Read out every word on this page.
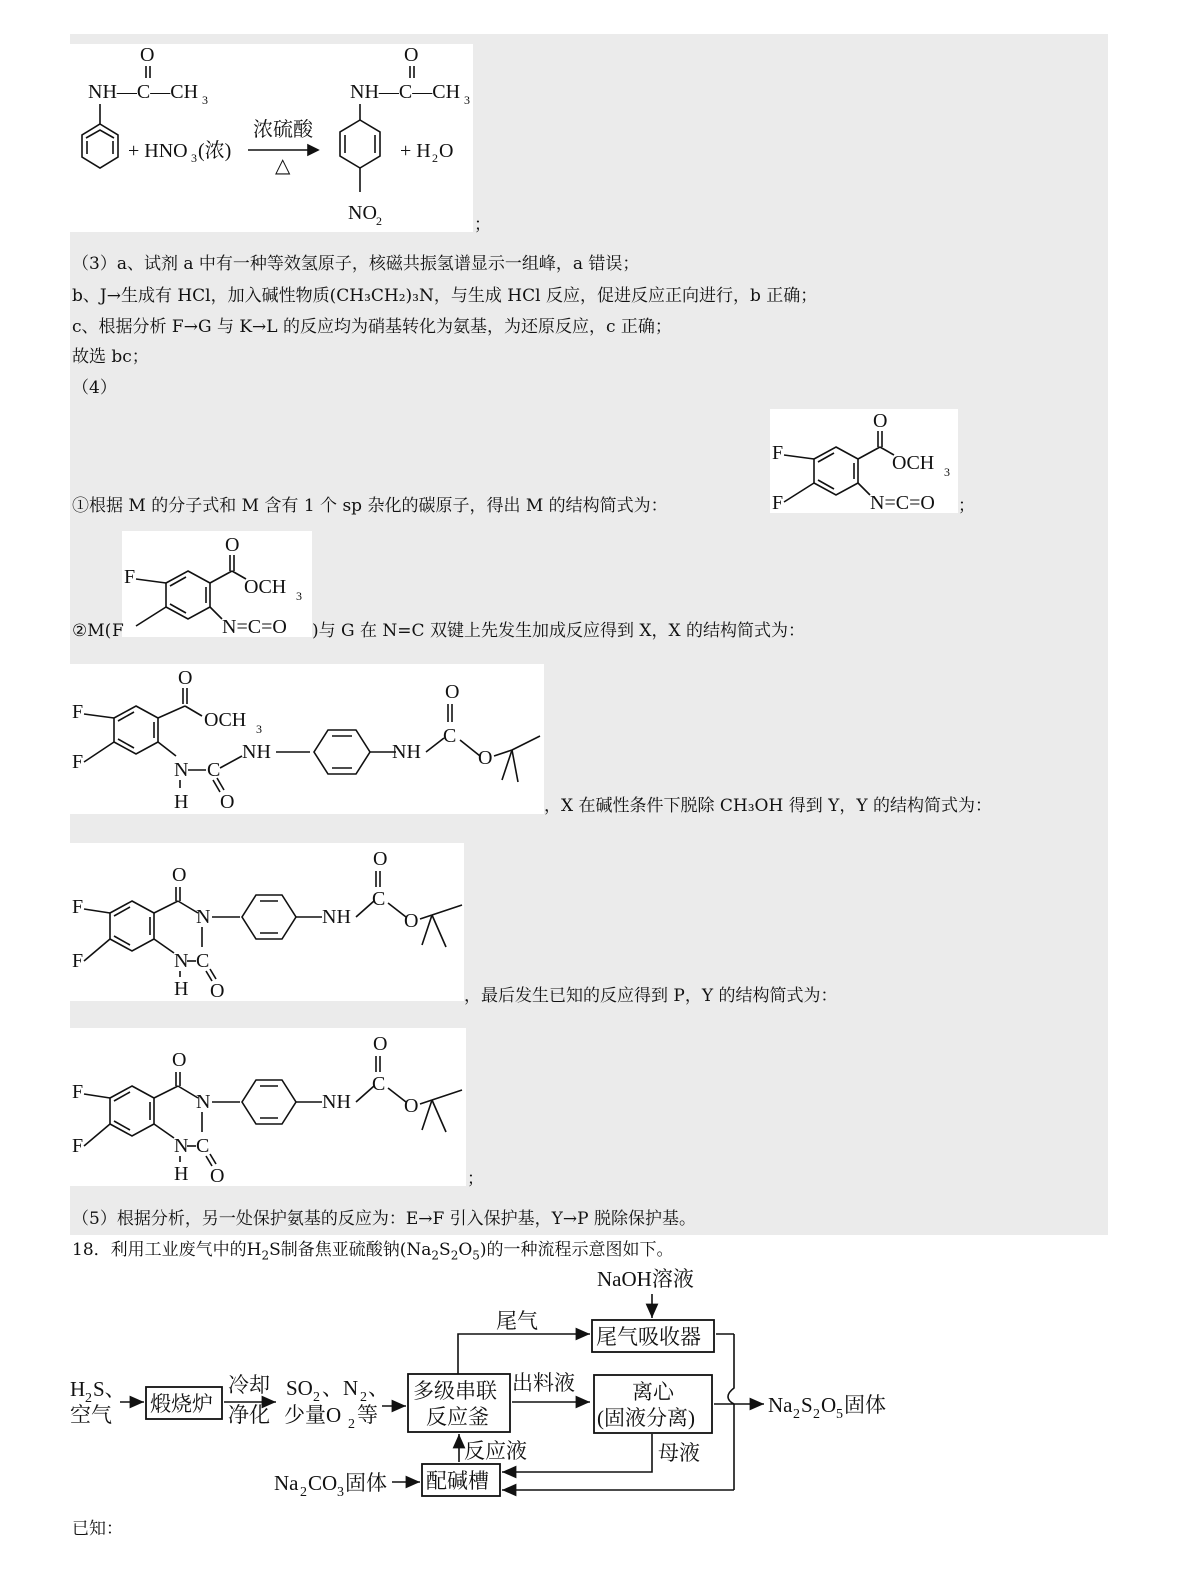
O
NH—C—CH 3
+ HNO 3 (浓)
浓硫酸
△
O
NH—C—CH 3
NO 2
+ H 2 O
；
（3）a、试剂 a 中有一种等效氢原子，核磁共振氢谱显示一组峰，a 错误；
b、J→生成有 HCl，加入碱性物质(CH₃CH₂)₃N，与生成 HCl 反应，促进反应正向进行，b 正确；
c、根据分析 F→G 与 K→L 的反应均为硝基转化为氨基，为还原反应，c 正确；
故选 bc；
（4）
O
OCH 3
F
F	N=C=O
①根据 M 的分子式和 M 含有 1 个 sp 杂化的碳原子，得出 M 的结构简式为：	；
O
OCH 3
F
N=C=O
②M( F	)与 G 在 N=C 双键上先发生加成反应得到 X，X 的结构简式为：
O
OCH 3
F
F	N
H
C
O
NH	NH
C
O
O
，X 在碱性条件下脱除 CH₃OH 得到 Y，Y 的结构简式为：
O
N
C
N
H O
F
F
NH
C
O
O
，最后发生已知的反应得到 P，Y 的结构简式为：
O
N
C
N
H O
F
F
NH
C
O
O
；
（5）根据分析，另一处保护氨基的反应为：E→F 引入保护基，Y→P 脱除保护基。
18．利用工业废气中的$H_2S$制备焦亚硫酸钠$(Na_2S_2O_5)$的一种流程示意图如下。
NaOH溶液
尾气吸收器
尾气
H 2 S、
空气 煅烧炉
冷却
净化
SO 2 、N 2 、
少量O 2 等
多级串联
反应釜
出料液	离心
(固液分离)
Na 2 S 2 O 5 固体
母液
配碱槽
反应液
Na 2 CO 3 固体
已知：
